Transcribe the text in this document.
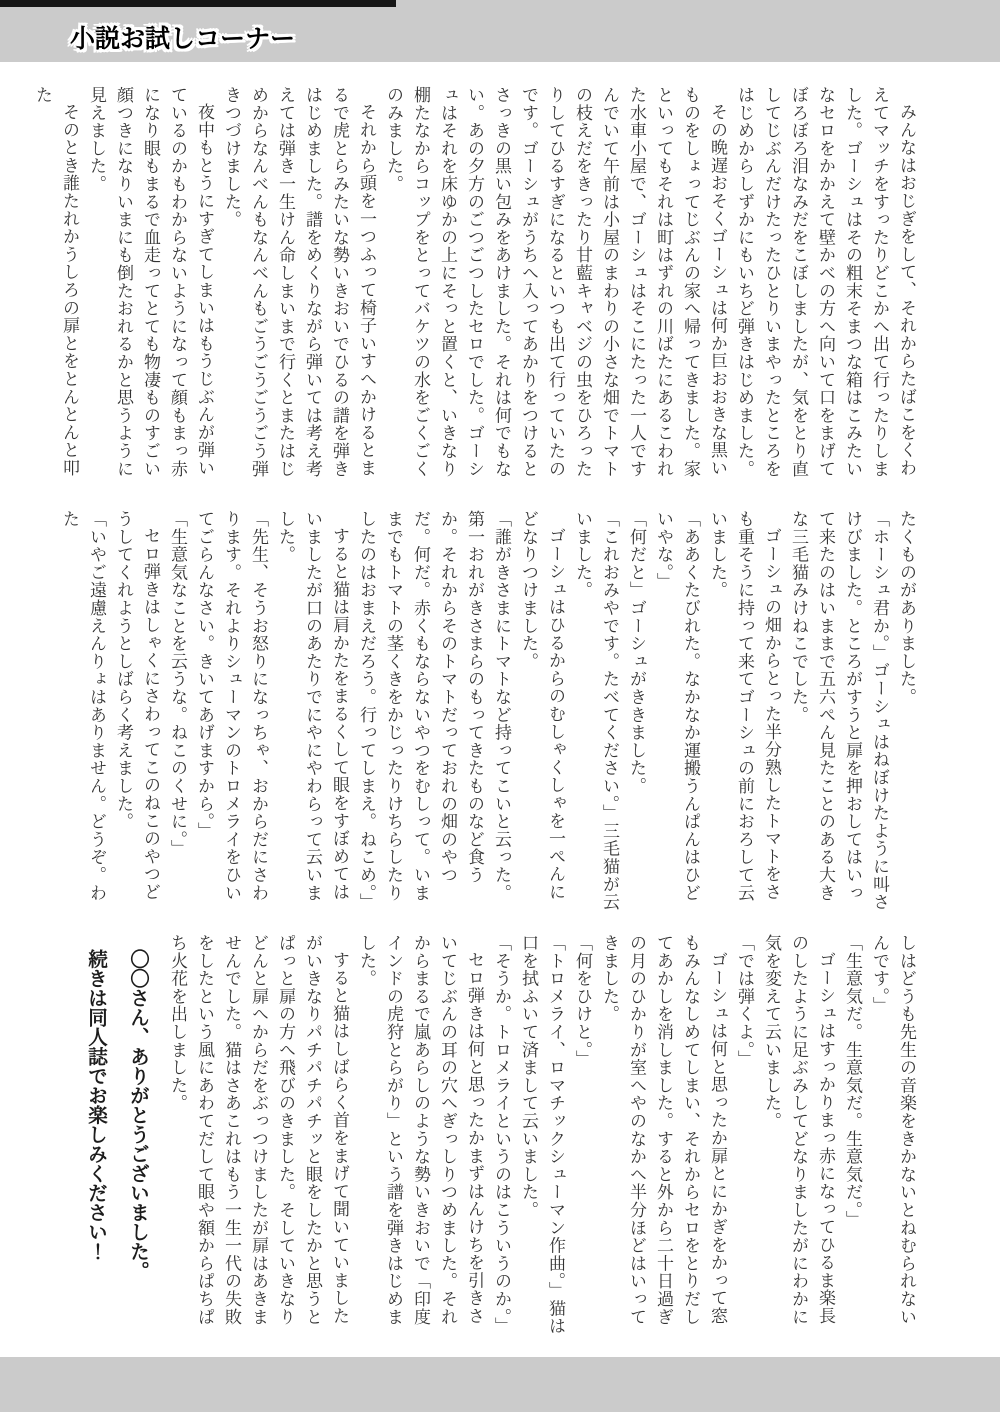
小説お試しコーナー

みんなはおじぎをして、それからたばこをくわえてマッチをすったりどこかへ出て行ったりしました。ゴーシュはその粗末そまつな箱はこみたいなセロをかかえて壁かべの方へ向いて口をまげてぼろぼろ泪なみだをこぼしましたが、気をとり直してじぶんだけたったひとりいまやったところをはじめからしずかにもいちど弾きはじめました。

その晩遅おそくゴーシュは何か巨おおきな黒いものをしょってじぶんの家へ帰ってきました。家といってもそれは町はずれの川ばたにあるこわれた水車小屋で、ゴーシュはそこにたった一人ですんでいて午前は小屋のまわりの小さな畑でトマトの枝えだをきったり甘藍キャベジの虫をひろったりしてひるすぎになるといつも出て行っていたのです。ゴーシュがうちへ入ってあかりをつけるとさっきの黒い包みをあけました。それは何でもない。あの夕方のごつごつしたセロでした。ゴーシュはそれを床ゆかの上にそっと置くと、いきなり棚たなからコップをとってバケツの水をごくごくのみました。

それから頭を一つふって椅子いすへかけるとまるで虎とらみたいな勢いきおいでひるの譜を弾きはじめました。譜をめくりながら弾いては考え考えては弾き一生けん命しまいまで行くとまたはじめからなんべんもなんべんもごうごうごうごう弾きつづけました。

夜中もとうにすぎてしまいはもうじぶんが弾いているのかもわからないようになって顔もまっ赤になり眼もまるで血走ってとても物凄ものすごい顔つきになりいまにも倒たおれるかと思うように見えました。

そのとき誰たれかうしろの扉とをとんとんと叩た

たくものがありました。

「ホーシュ君か。」ゴーシュはねぼけたように叫さけびました。ところがすうと扉を押おしてはいって来たのはいままで五六ぺん見たことのある大きな三毛猫みけねこでした。

ゴーシュの畑からとった半分熟したトマトをさも重そうに持って来てゴーシュの前におろして云いました。

「ああくたびれた。なかなか運搬うんぱんはひどいやな。」

「何だと」ゴーシュがききました。

「これおみやです。たべてください。」三毛猫が云いました。

ゴーシュはひるからのむしゃくしゃを一ぺんにどなりつけました。

「誰がきさまにトマトなど持ってこいと云った。第一おれがきさまらのもってきたものなど食うか。それからそのトマトだっておれの畑のやつだ。何だ。赤くもならないやつをむしって。いままでもトマトの茎くきをかじったりけちらしたりしたのはおまえだろう。行ってしまえ。ねこめ。」

すると猫は肩かたをまるくして眼をすぼめてはいましたが口のあたりでにやにやわらって云いました。

「先生、そうお怒りになっちゃ、おからだにさわります。それよりシューマンのトロメライをひいてごらんなさい。きいてあげますから。」

「生意気なことを云うな。ねこのくせに。」

セロ弾きはしゃくにさわってこのねこのやつどうしてくれようとしばらく考えました。

「いやご遠慮えんりょはありません。どうぞ。わた

しはどうも先生の音楽をきかないとねむられないんです。」

「生意気だ。生意気だ。生意気だ。」

ゴーシュはすっかりまっ赤になってひるま楽長のしたように足ぶみしてどなりましたがにわかに気を変えて云いました。

「では弾くよ。」

ゴーシュは何と思ったか扉とにかぎをかって窓もみんなしめてしまい、それからセロをとりだしてあかしを消しました。すると外から二十日過ぎの月のひかりが室へやのなかへ半分ほどはいってきました。

「何をひけと。」

「トロメライ、ロマチックシューマン作曲。」猫は口を拭ふいて済まして云いました。

「そうか。トロメライというのはこういうのか。」

セロ弾きは何と思ったかまずはんけちを引きさいてじぶんの耳の穴へぎっしりつめました。それからまるで嵐あらしのような勢いきおいで「印度インドの虎狩とらがり」という譜を弾きはじめました。

すると猫はしばらく首をまげて聞いていましたがいきなりパチパチパチッと眼をしたかと思うとぱっと扉の方へ飛びのきました。そしていきなりどんと扉へからだをぶっつけましたが扉はあきませんでした。猫はさあこれはもう一生一代の失敗をしたという風にあわてだして眼や額からぱちぱち火花を出しました。

〇〇さん、ありがとうございました。

続きは同人誌でお楽しみください！
